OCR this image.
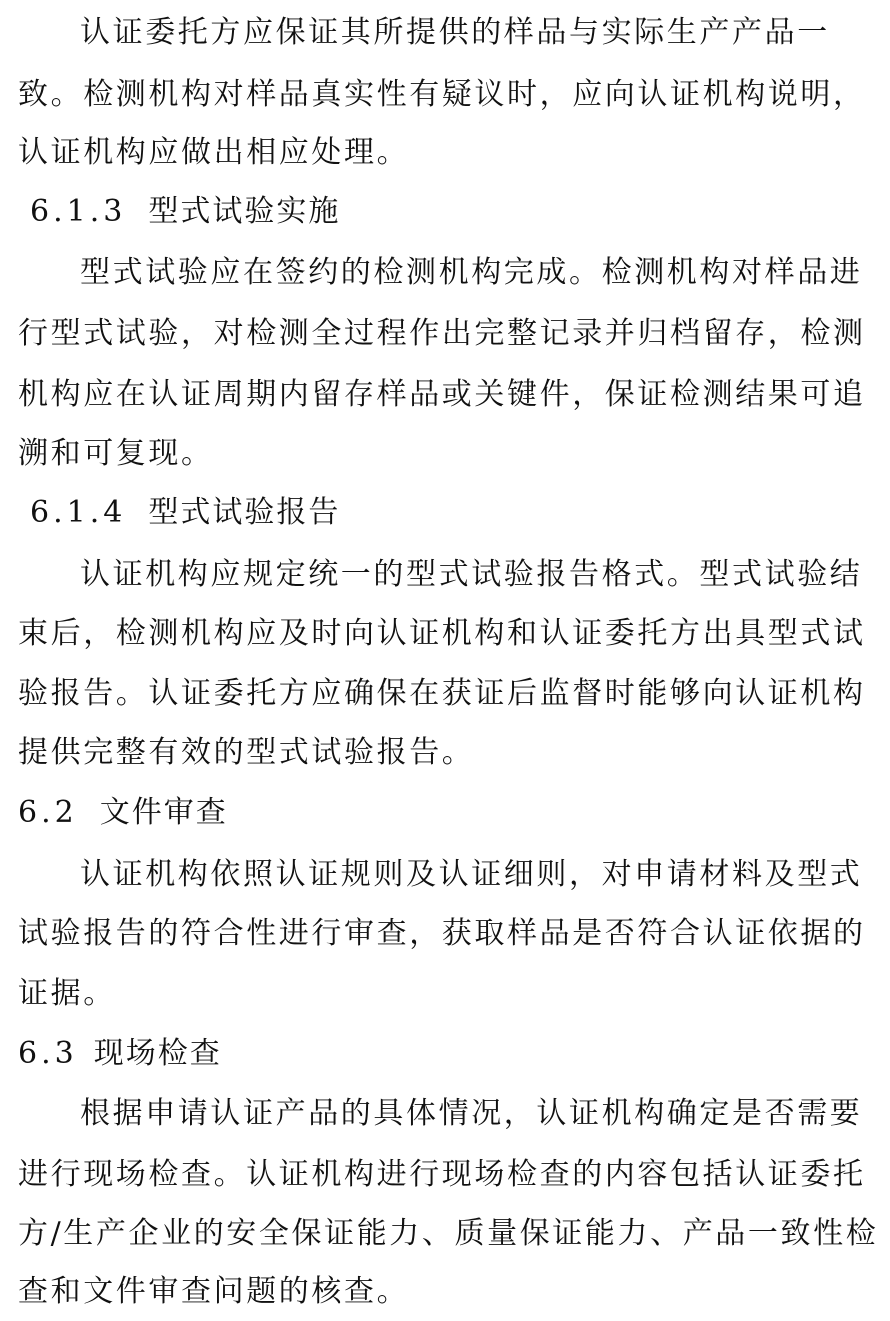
认证委托方应保证其所提供的样品与实际生产产品一
致。检测机构对样品真实性有疑议时，应向认证机构说明，
认证机构应做出相应处理。
6.1.3 型式试验实施
型式试验应在签约的检测机构完成。检测机构对样品进
行型式试验，对检测全过程作出完整记录并归档留存，检测
机构应在认证周期内留存样品或关键件，保证检测结果可追
溯和可复现。
6.1.4 型式试验报告
认证机构应规定统一的型式试验报告格式。型式试验结
束后，检测机构应及时向认证机构和认证委托方出具型式试
验报告。认证委托方应确保在获证后监督时能够向认证机构
提供完整有效的型式试验报告。
6.2 文件审查
认证机构依照认证规则及认证细则，对申请材料及型式
试验报告的符合性进行审查，获取样品是否符合认证依据的
证据。
6.3 现场检查
根据申请认证产品的具体情况，认证机构确定是否需要
进行现场检查。认证机构进行现场检查的内容包括认证委托
方/生产企业的安全保证能力、质量保证能力、产品一致性检
查和文件审查问题的核查。
